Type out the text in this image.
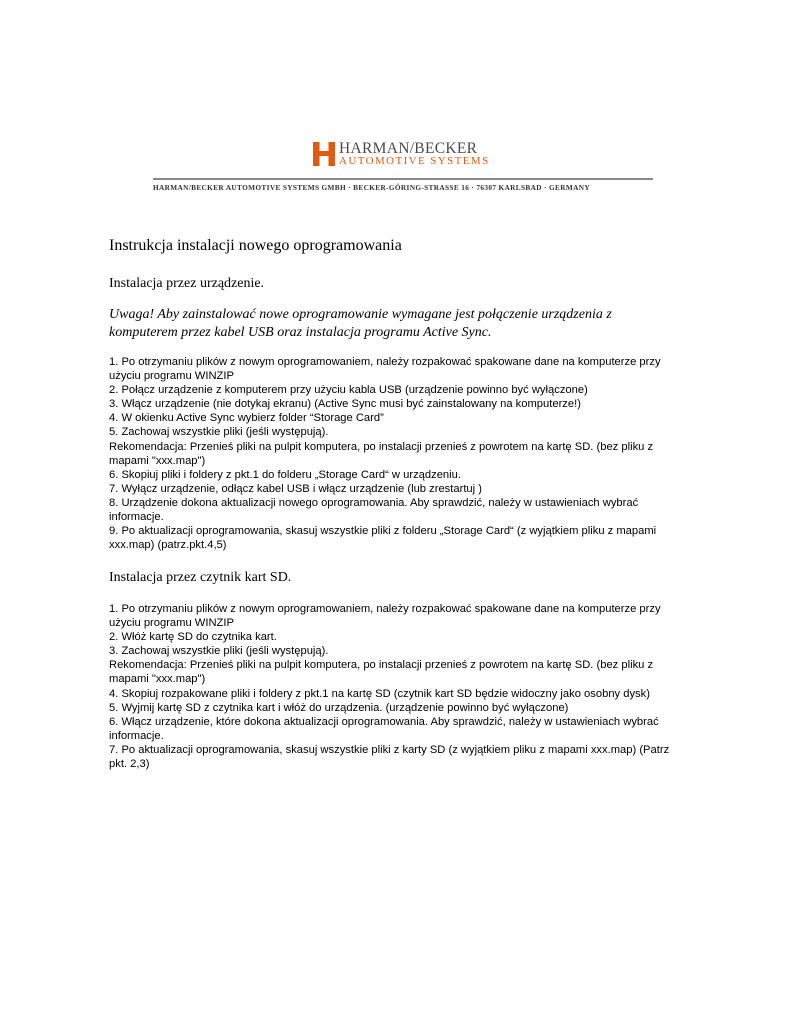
HARMAN/BECKER
AUTOMOTIVE SYSTEMS
HARMAN/BECKER AUTOMOTIVE SYSTEMS GMBH · BECKER-GÖRING-STRASSE 16 · 76307 KARLSBAD · GERMANY
Instrukcja instalacji nowego oprogramowania
Instalacja przez urządzenie.
Uwaga! Aby zainstalować nowe oprogramowanie wymagane jest połączenie urządzenia z
komputerem przez kabel USB oraz instalacja programu Active Sync.
1. Po otrzymaniu plików z nowym oprogramowaniem, należy rozpakować spakowane dane na komputerze przy użyciu programu WINZIP
2. Połącz urządzenie z komputerem przy użyciu kabla USB (urządzenie powinno być wyłączone)
3. Włącz urządzenie (nie dotykaj ekranu) (Active Sync musi być zainstalowany na komputerze!)
4. W okienku Active Sync wybierz folder “Storage Card”
5. Zachowaj wszystkie pliki (jeśli występują).
Rekomendacja: Przenieś pliki na pulpit komputera, po instalacji przenieś z powrotem na kartę SD. (bez pliku z mapami "xxx.map")
6. Skopiuj pliki i foldery z pkt.1 do folderu „Storage Card“ w urządzeniu.
7. Wyłącz urządzenie, odłącz kabel USB i włącz urządzenie (lub zrestartuj )
8. Urządzenie dokona aktualizacji nowego oprogramowania. Aby sprawdzić, należy w ustawieniach wybrać informacje.
9. Po aktualizacji oprogramowania, skasuj wszystkie pliki z folderu „Storage Card“ (z wyjątkiem pliku z mapami xxx.map) (patrz.pkt.4,5)
Instalacja przez czytnik kart SD.
1. Po otrzymaniu plików z nowym oprogramowaniem, należy rozpakować spakowane dane na komputerze przy użyciu programu WINZIP
2. Włóż kartę SD do czytnika kart.
3. Zachowaj wszystkie pliki (jeśli występują).
Rekomendacja: Przenieś pliki na pulpit komputera, po instalacji przenieś z powrotem na kartę SD. (bez pliku z mapami "xxx.map")
4. Skopiuj rozpakowane pliki i foldery z pkt.1 na kartę SD (czytnik kart SD będzie widoczny jako osobny dysk)
5. Wyjmij kartę SD z czytnika kart i włóż do urządzenia. (urządzenie powinno być wyłączone)
6. Włącz urządzenie, które dokona aktualizacji oprogramowania. Aby sprawdzić, należy w ustawieniach wybrać informacje.
7. Po aktualizacji oprogramowania, skasuj wszystkie pliki z karty SD (z wyjątkiem pliku z mapami xxx.map) (Patrz pkt. 2,3)
